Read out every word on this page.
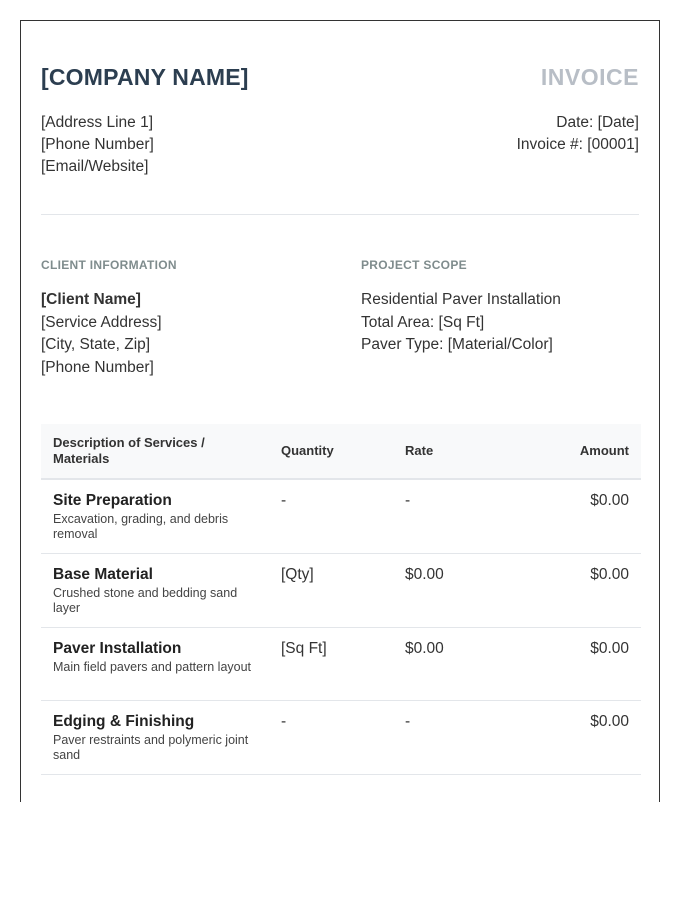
[COMPANY NAME]	INVOICE
[Address Line 1]
[Phone Number]
[Email/Website]
Date: [Date]
Invoice #: [00001]
CLIENT INFORMATION	PROJECT SCOPE
[Client Name]
[Service Address]
[City, State, Zip]
[Phone Number]
Residential Paver Installation
Total Area: [Sq Ft]
Paver Type: [Material/Color]
Description of Services / Materials	Quantity	Rate	Amount

Site Preparation
Excavation, grading, and debris removal	-	-	$0.00

Base Material
Crushed stone and bedding sand layer	[Qty]	$0.00	$0.00

Paver Installation
Main field pavers and pattern layout	[Sq Ft]	$0.00	$0.00

Edging & Finishing
Paver restraints and polymeric joint sand	-	-	$0.00
